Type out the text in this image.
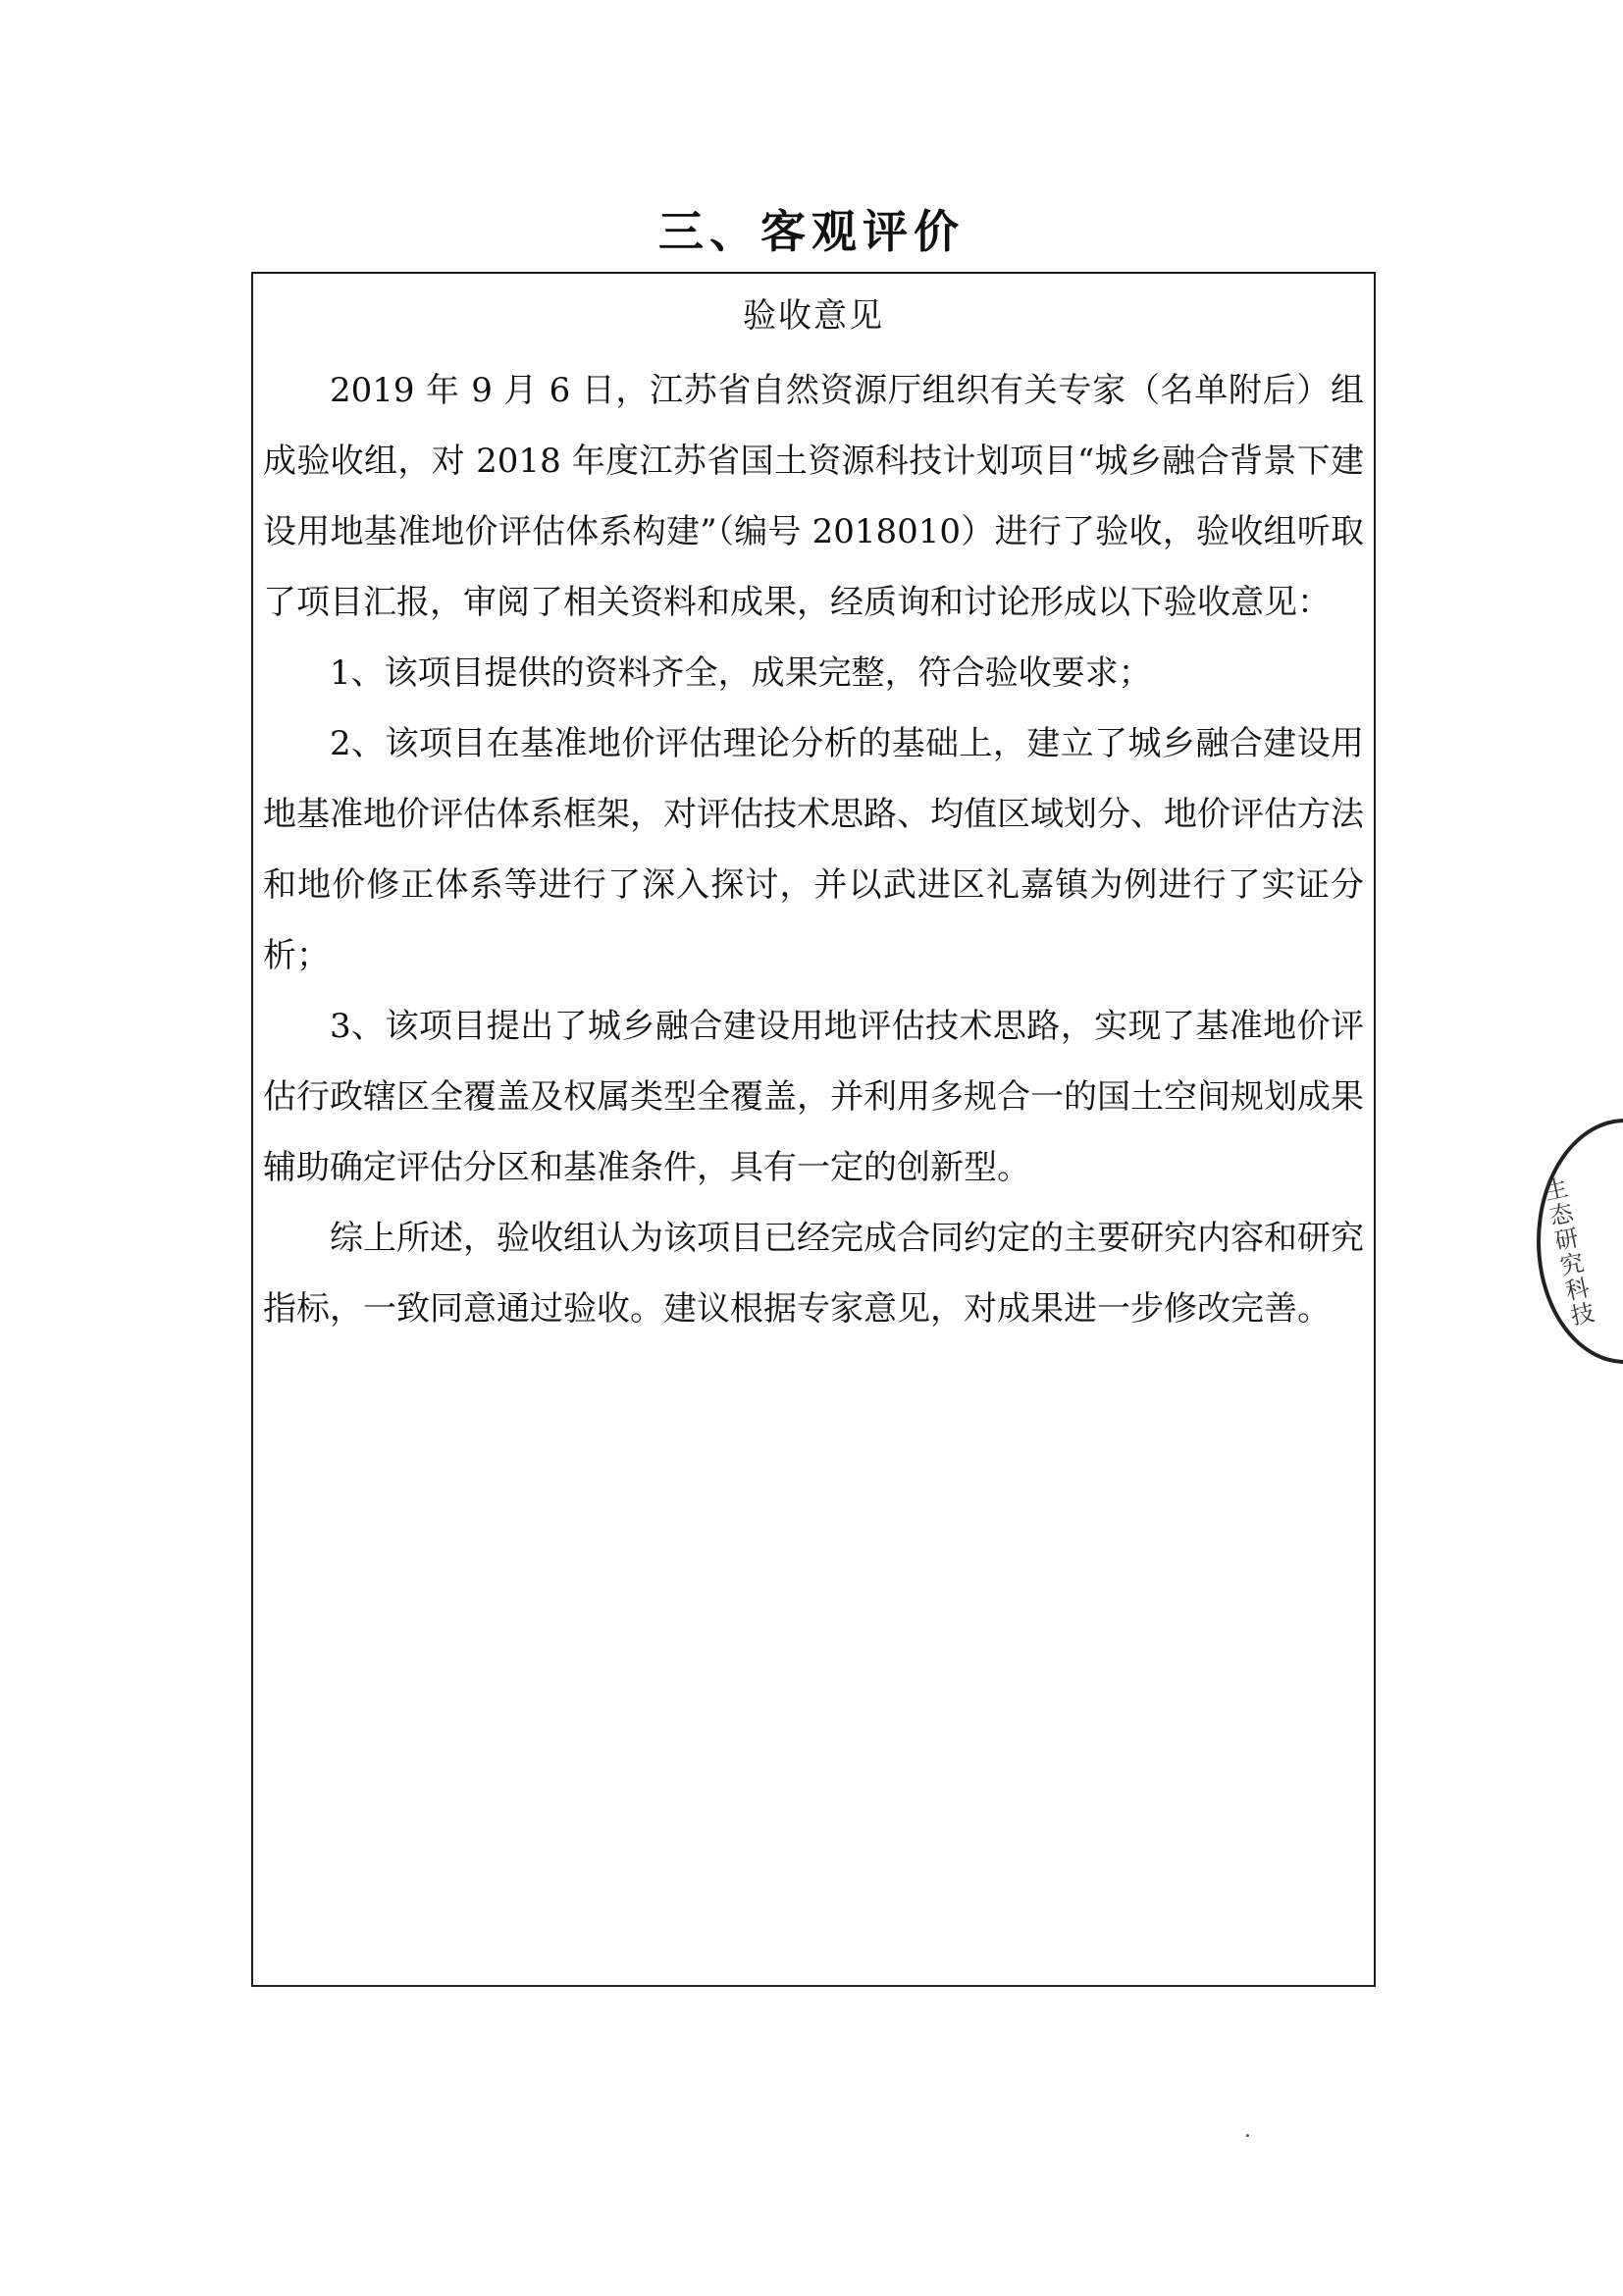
三、客观评价
验收意见

2019 年 9 月 6 日，江苏省自然资源厅组织有关专家（名单附后）组成验收组，对 2018 年度江苏省国土资源科技计划项目“城乡融合背景下建设用地基准地价评估体系构建”（编号 2018010）进行了验收，验收组听取了项目汇报，审阅了相关资料和成果，经质询和讨论形成以下验收意见：

1、该项目提供的资料齐全，成果完整，符合验收要求；

2、该项目在基准地价评估理论分析的基础上，建立了城乡融合建设用地基准地价评估体系框架，对评估技术思路、均值区域划分、地价评估方法和地价修正体系等进行了深入探讨，并以武进区礼嘉镇为例进行了实证分析；

3、该项目提出了城乡融合建设用地评估技术思路，实现了基准地价评估行政辖区全覆盖及权属类型全覆盖，并利用多规合一的国土空间规划成果辅助确定评估分区和基准条件，具有一定的创新型。

综上所述，验收组认为该项目已经完成合同约定的主要研究内容和研究指标，一致同意通过验收。建议根据专家意见，对成果进一步修改完善。	生态研究科技
